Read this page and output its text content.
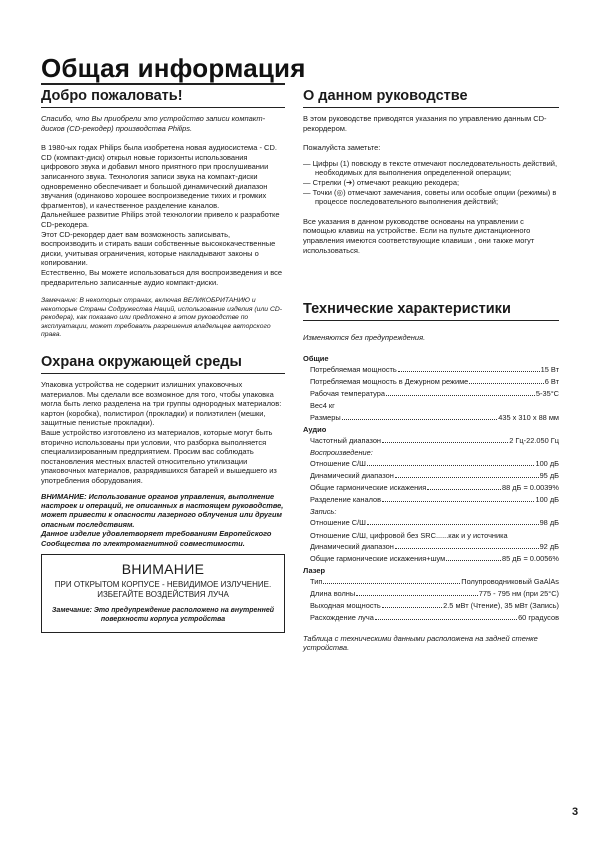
Общая информация
Добро пожаловать!

Спасибо, что Вы приобрели это устройство записи компакт-дисков (CD-рекодер) производства Philips.

В 1980-ых годах Philips была изобретена новая аудиосистема - CD. CD (компакт-диск) открыл новые горизонты использования цифрового звука и добавил много приятного при прослушивании записанного звука. Технология записи звука на компакт-диски одновременно обеспечивает и большой динамический диапазон звучания (одинаково хорошее воспроизведение тихих и громких фрагментов), и качественное разделение каналов.

Дальнейшее развитие Philips этой технологии привело к разработке CD-рекодера.

Этот CD-рекордер дает вам возможность записывать, воспроизводить и стирать ваши собственные высококачественные диски, учитывая ограничения, которые накладывают законы о копировании.

Естественно, Вы можете использоваться для воспроизведения и все предварительно записанные аудио компакт-диски.

Замечание: В некоторых странах, включая ВЕЛИКОБРИТАНИЮ и некоторые Страны Содружества Наций, использование изделия (или CD-рекодера), как показано или предложено в этом руководстве по эксплуатации, может требовать разрешения владельцев авторского права.

Охрана окружающей среды

Упаковка устройства не содержит излишних упаковочных материалов. Мы сделали все возможное для того, чтобы упаковка могла быть легко разделена на три группы однородных материалов: картон (коробка), полистирол (прокладки) и полиэтилен (мешки, защитные пенистые прокладки).

Ваше устройство изготовлено из материалов, которые могут быть вторично использованы при условии, что разборка выполняется специализированным предприятием. Просим вас соблюдать постановления местных властей относительно утилизации упаковочных материалов, разрядившихся батарей и вышедшего из употребления оборудования.

ВНИМАНИЕ: Использование органов управления, выполнение настроек и операций, не описанных в настоящем руководстве, может привести к опасности лазерного облучения или другим опасным последствиям.

Данное изделие удовлетворяет требованиям Европейского Сообщества по электромагнитной совместимости.

ВНИМАНИЕ

ПРИ ОТКРЫТОМ КОРПУСЕ - НЕВИДИМОЕ ИЗЛУЧЕНИЕ.

ИЗБЕГАЙТЕ ВОЗДЕЙСТВИЯ ЛУЧА

Замечание: Это предупреждение расположено на внутренней поверхности корпуса устройства

О данном руководстве

В этом руководстве приводятся указания по управлению данным CD-рекордером.

Пожалуйста заметьте:

— Цифры (1) повсюду в тексте отмечают последовательность действий, необходимых для выполнения определенной операции;

— Стрелки (➔) отмечают реакцию рекодера;

— Точки (◎) отмечают замечания, советы или особые опции (режимы) в процессе последовательного выполнения действий;

Все указания в данном руководстве основаны на управлении с помощью клавиш на устройстве. Если на пульте дистанционного управления имеются соответствующие клавиши , они также могут использоваться.

Технические характеристики

Изменяются без предупреждения.

Общие

Потребляемая мощность	15 Вт
Потребляемая мощность в Дежурном режиме	6 Вт
Рабочая температура	5-35°C
Вес4 кг
Размеры	435 x 310 x 88 мм

Аудио

Частотный диапазон	2 Гц-22.050 Гц

Воспроизведение:

Отношение С/Ш	100 дБ
Динамический диапазон	95 дБ
Общие гармонические искажения	88 дБ = 0.0039%
Разделение каналов	100 дБ

Запись:

Отношение С/Ш	98 дБ

Отношение С/Ш, цифровой без SRC......как и у источника

Динамический диапазон	92 дБ
Общие гармонические искажения+шум	85 дБ = 0.0056%

Лазер

Тип	Полупроводниковый GaAlAs
Длина волны	775 - 795 нм (при 25°C)
Выходная мощность	2.5 мВт (Чтение), 35 мВт (Запись)
Расхождение луча	60 градусов

Таблица с техническими данными расположена на задней стенке устройства.

3
